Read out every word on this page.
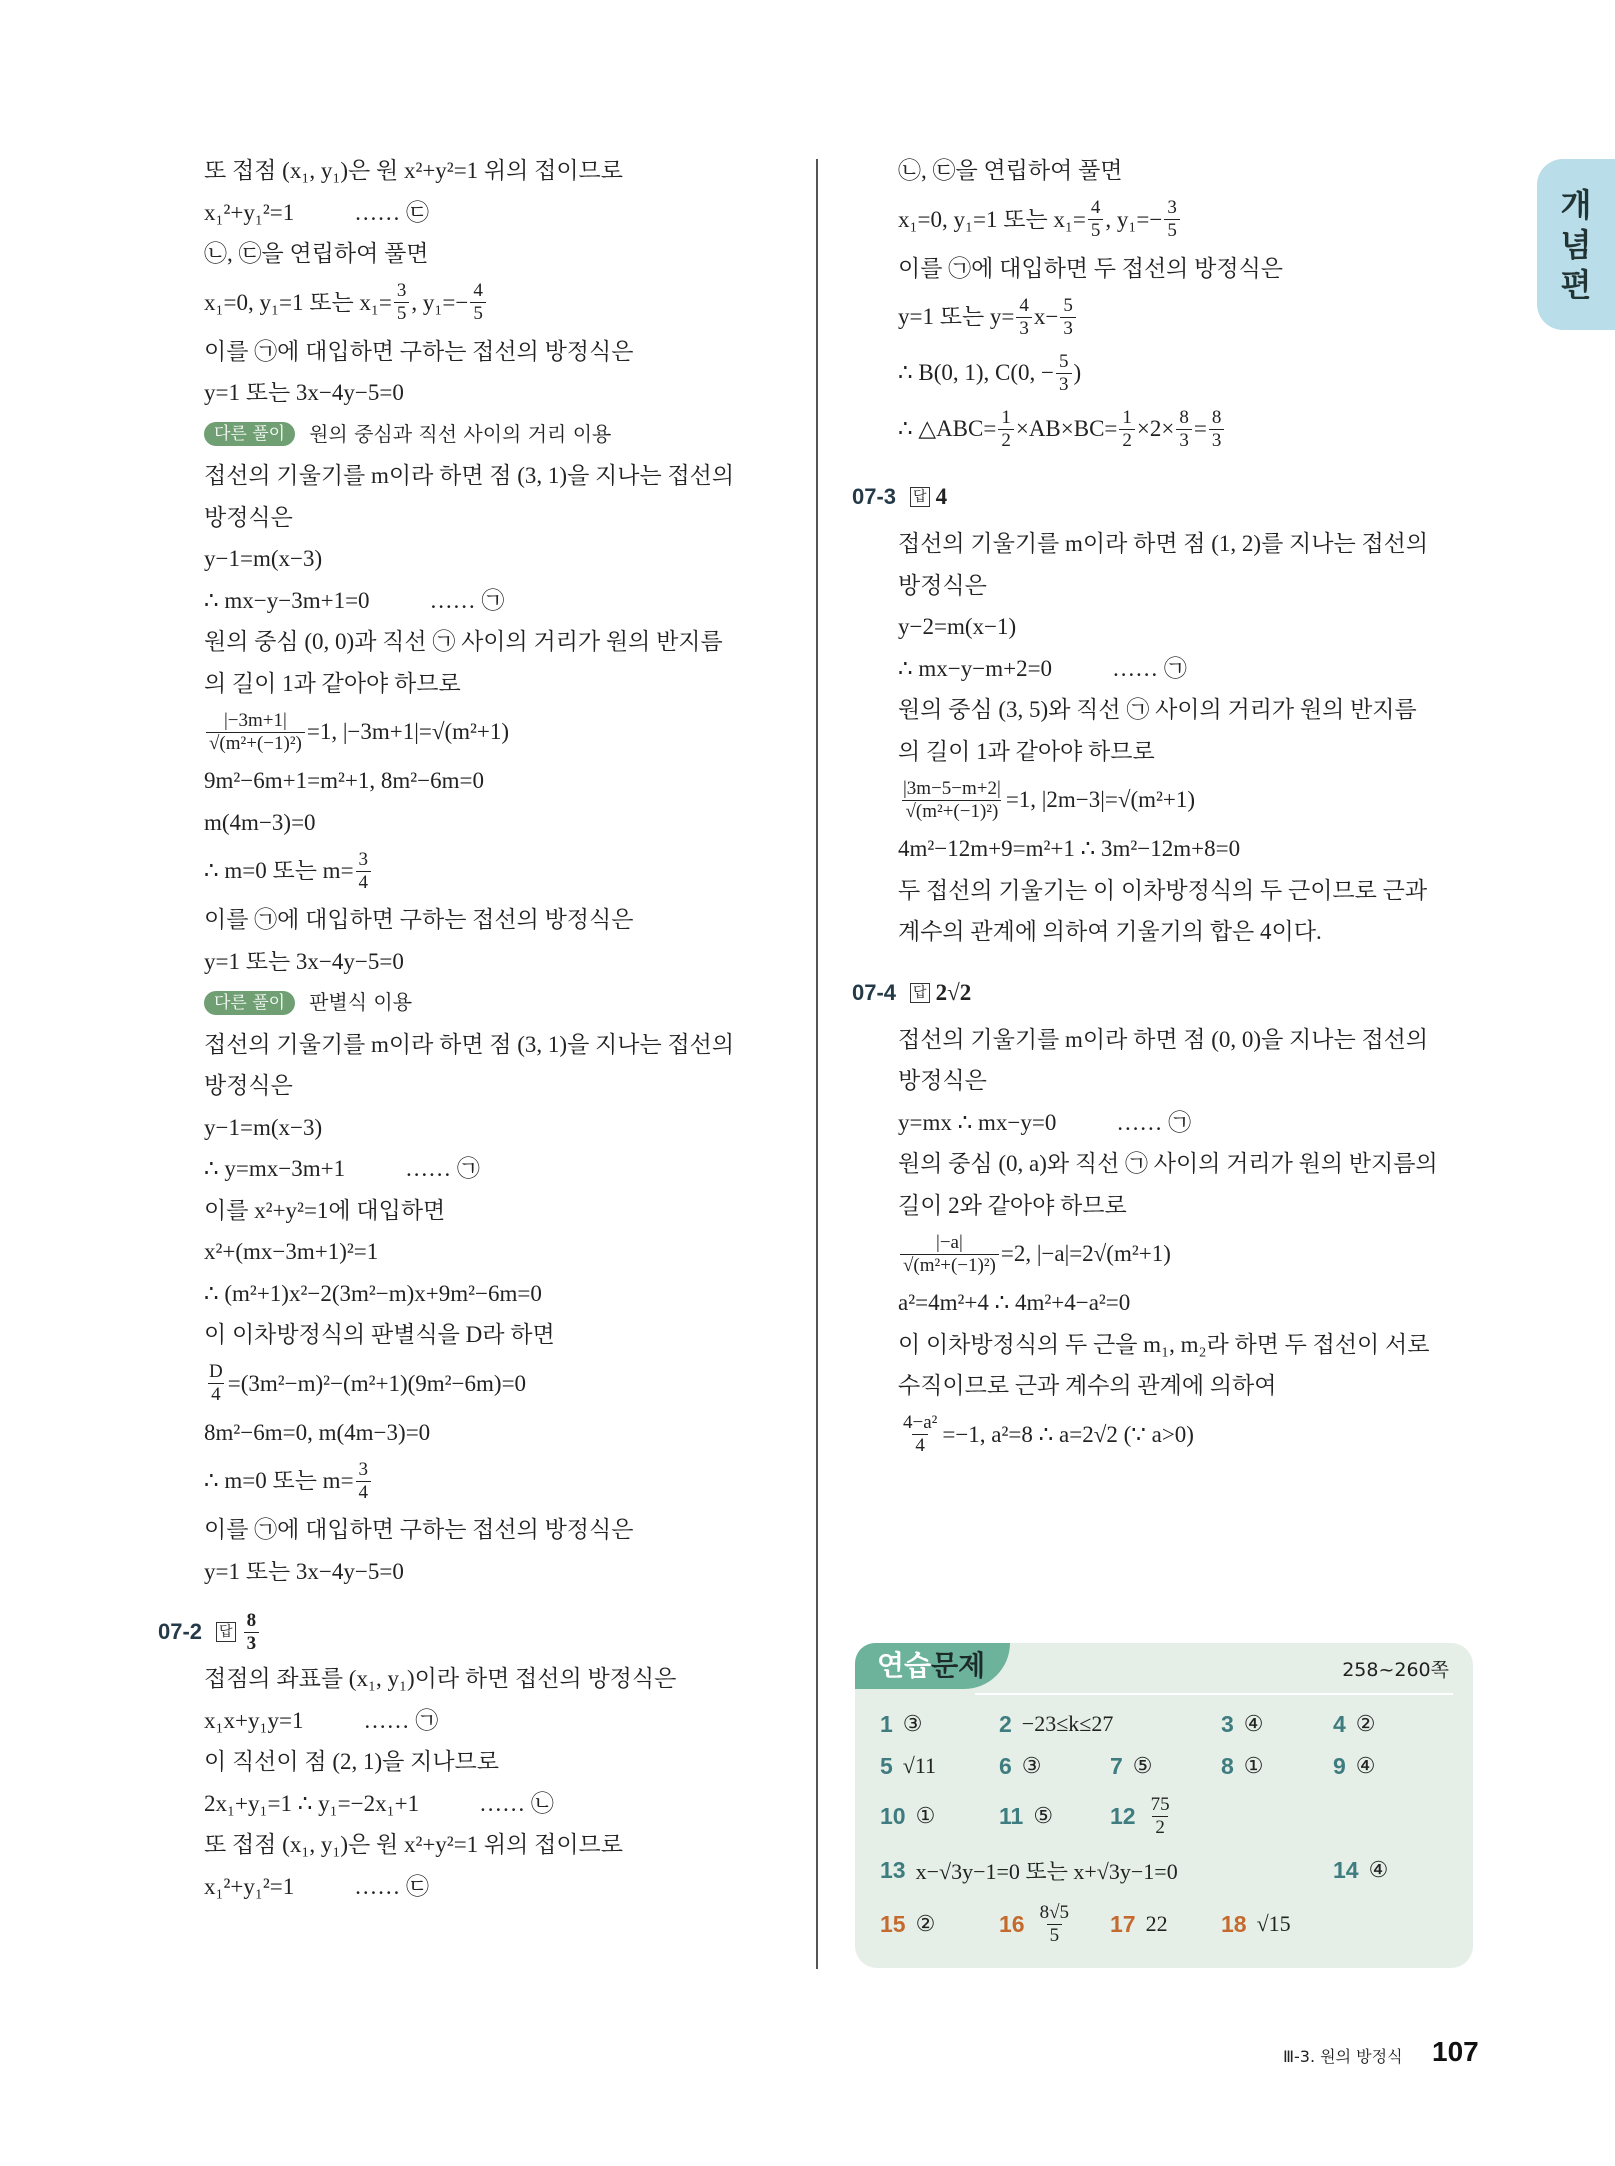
개
념
편
또 접점 (x₁, y₁)은 원 x²+y²=1 위의 접이므로
x₁²+y₁²=1	…… ㉢
㉡, ㉢을 연립하여 풀면
x₁=0, y₁=1 또는 $x_1= \frac{3}{5}$ , $y_1=- \frac{4}{5}$
이를 ㉠에 대입하면 구하는 접선의 방정식은
y=1 또는 3x−4y−5=0
다른 풀이	원의 중심과 직선 사이의 거리 이용
접선의 기울기를 m이라 하면 점 (3, 1)을 지나는 접선의
방정식은
y−1=m(x−3)
∴ mx−y−3m+1=0	…… ㉠
원의 중심 (0, 0)과 직선 ㉠ 사이의 거리가 원의 반지름
의 길이 1과 같아야 하므로
$\frac{|-3m+1|}{\text{√(m²+(−1)²)}} =1$, |−3m+1|=√(m²+1)
9m²−6m+1=m²+1, 8m²−6m=0
m(4m−3)=0
∴ m=0 또는 $m= \frac{3}{4}$
이를 ㉠에 대입하면 구하는 접선의 방정식은
y=1 또는 3x−4y−5=0
다른 풀이	판별식 이용
접선의 기울기를 m이라 하면 점 (3, 1)을 지나는 접선의
방정식은
y−1=m(x−3)
∴ y=mx−3m+1	…… ㉠
이를 x²+y²=1에 대입하면
x²+(mx−3m+1)²=1
∴ (m²+1)x²−2(3m²−m)x+9m²−6m=0
이 이차방정식의 판별식을 D라 하면
$\frac{D}{4} =(3m^2-m)^2-(m^2+1)(9m^2-6m)=0$
8m²−6m=0, m(4m−3)=0
∴ m=0 또는 $m= \frac{3}{4}$
이를 ㉠에 대입하면 구하는 접선의 방정식은
y=1 또는 3x−4y−5=0
07-2 답 $\frac{8}{3}$
접점의 좌표를 (x₁, y₁)이라 하면 접선의 방정식은
x₁x+y₁y=1	…… ㉠
이 직선이 점 (2, 1)을 지나므로
2x₁+y₁=1 ∴ y₁=−2x₁+1	…… ㉡
또 접점 (x₁, y₁)은 원 x²+y²=1 위의 접이므로
x₁²+y₁²=1	…… ㉢
㉡, ㉢을 연립하여 풀면
x₁=0, y₁=1 또는 $x_1= \frac{4}{5}$ , $y_1=- \frac{3}{5}$
이를 ㉠에 대입하면 두 접선의 방정식은
y=1 또는 $y= \frac{4}{3} x- \frac{5}{3}$
∴ B(0, 1), C(0, − $\frac{5}{3}$ )
∴ △ABC= $\frac{1}{2} \times AB\times BC= \frac{1}{2} \times 2\times \frac{8}{3} = \frac{8}{3}$
07-3 답 4
접선의 기울기를 m이라 하면 점 (1, 2)를 지나는 접선의
방정식은
y−2=m(x−1)
∴ mx−y−m+2=0	…… ㉠
원의 중심 (3, 5)와 직선 ㉠ 사이의 거리가 원의 반지름
의 길이 1과 같아야 하므로
$\frac{|3m-5-m+2|}{\text{√(m²+(−1)²)}} =1$, |2m−3|=√(m²+1)
4m²−12m+9=m²+1 ∴ 3m²−12m+8=0
두 접선의 기울기는 이 이차방정식의 두 근이므로 근과
계수의 관계에 의하여 기울기의 합은 4이다.
07-4 답 2√2
접선의 기울기를 m이라 하면 점 (0, 0)을 지나는 접선의
방정식은
y=mx ∴ mx−y=0	…… ㉠
원의 중심 (0, a)와 직선 ㉠ 사이의 거리가 원의 반지름의
길이 2와 같아야 하므로
$\frac{|-a|}{\text{√(m²+(−1)²)}} =2$, |−a|=2√(m²+1)
a²=4m²+4 ∴ 4m²+4−a²=0
이 이차방정식의 두 근을 m₁, m₂라 하면 두 접선이 서로
수직이므로 근과 계수의 관계에 의하여
$\frac{\text{4−a²}}{4} =-1$, a²=8 ∴ a=2√2 (∵ a>0)
연습문제	258~260쪽
1 ③	2 −23≤k≤27	3 ④	4 ②
5 √11	6 ③	7 ⑤	8 ①	9 ④
10 ①	11 ⑤ $12 \frac{75}{2}$
13 x−√3y−1=0 또는 x+√3y−1=0	14 ④
15 ②	$16 \frac{8√5}{5} 17$ 22 18 √15
Ⅲ-3. 원의 방정식 107
